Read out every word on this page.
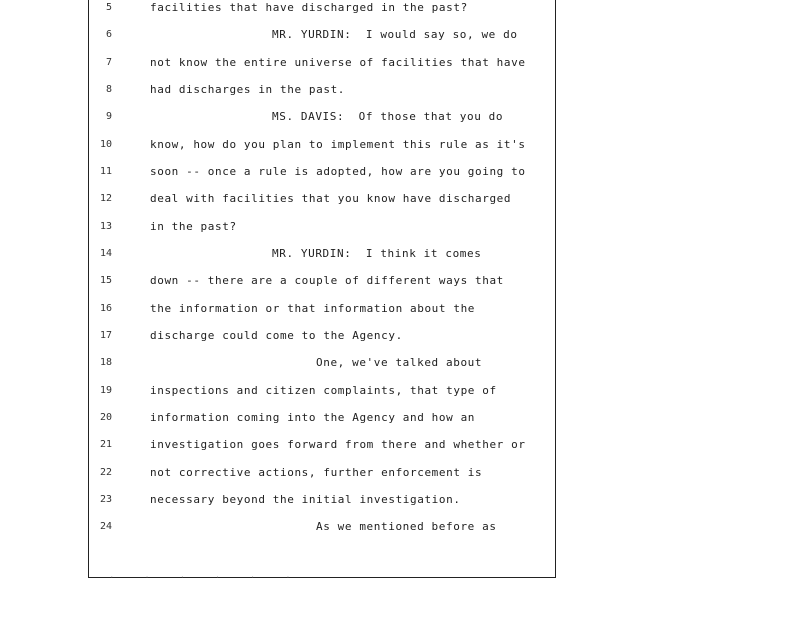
5	facilities that have discharged in the past?
6	MR. YURDIN:  I would say so, we do
7	not know the entire universe of facilities that have
8	had discharges in the past.
9	MS. DAVIS:  Of those that you do
10	know, how do you plan to implement this rule as it's
11	soon -- once a rule is adopted, how are you going to
12	deal with facilities that you know have discharged
13	in the past?
14	MR. YURDIN:  I think it comes
15	down -- there are a couple of different ways that
16	the information or that information about the
17	discharge could come to the Agency.
18	One, we've talked about
19	inspections and citizen complaints, that type of
20	information coming into the Agency and how an
21	investigation goes forward from there and whether or
22	not corrective actions, further enforcement is
23	necessary beyond the initial investigation.
24	As we mentioned before as
· · · · · ·
